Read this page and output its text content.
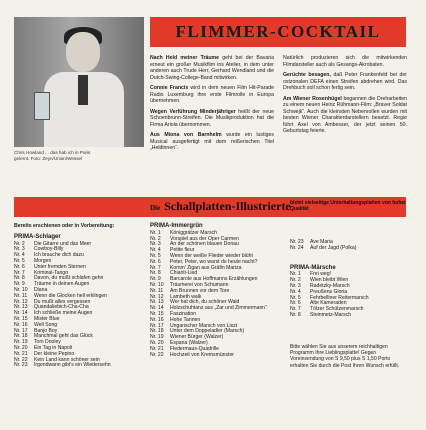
Chris Howland ... das hab ich in Paris
gelernt. Foto: Zeyn/Union/Wessel
FLIMMER-COCKTAIL

Nach Held meiner Träume geht bei der Bavaria erneut ein großer Musikfilm ins Atelier, in dem unter anderen auch Trude Herr, Gerhard Wendland und die Dutch-Swing-College-Band mitwirken.

Connie Francis wird in dem neuen Film Hit-Parade Radio Luxemburg ihre erste Filmrolle in Europa übernehmen.

Wegen Verführung Minderjähriger heißt der neue Schoenbrunn-Streifen. Die Musikproduktion hat die Firma Ariola übernommen.

Aus Miona von Barnhelm wurde ein lustiges Musical ausgefertigt mit dem reißerischen Titel „Heldinnen“.

Natürlich produzieren sich die mitwirkenden Filmdarsteller auch als Gesangs-Akrobaten.

Gerüchte besagen, daß Peter Frankenfeld bei der ostzonalen DEFA einen Streifen abdrehen wird. Das Drehbuch soll schon fertig sein.

Am Wiener Rosenhügel begannen die Dreharbeiten zu einem neuen Heinz Rühmann-Film: „Braver Soldat Schwejk“. Auch die kleinsten Nebenrollen wurden mit besten Wiener Charakterdarstellern besetzt. Regie führt Axel von Ambesser, der jetzt seinen 50. Geburtstag feierte.

Die Schallplatten-Illustrierte bietet vielseitige Unterhaltungsplatten von hoher Qualität
Bereits erschienen oder in Vorbereitung:
PRIMA-Schlager
Nr. 2	Die Gitarre und das Meer
Nr. 3	Cowboy-Billy
Nr. 4	Ich brauche dich dazu
Nr. 5	Morgen
Nr. 6	Unter fremden Sternen
Nr. 7	Kriminal-Tango
Nr. 8	Davon, du mußt schlafen gehn
Nr. 9	Träume in deinen Augen
Nr. 10	Diana
Nr. 11	Wenn die Glocken hell erklingen
Nr. 12	Du mußt alles vergessen
Nr. 13	Quandaliebich-Cha-Cha
Nr. 14	Ich schließe meine Augen
Nr. 15	Mister Blue
Nr. 16	Well Song
Nr. 17	Banjo Boy
Nr. 18	Manchmal geht das Glück
Nr. 19	Tom Dooley
Nr. 20	Ein Tag in Napoli
Nr. 21	Der kleine Pepino
Nr. 22	Kein Land kann schöner sein
Nr. 23	Irgendwann gibt's ein Wiedersehn
PRIMA-Immergrün
Nr. 1	Königgrätzer Marsch
Nr. 2	Vorspiel aus der Oper Carmen
Nr. 3	An der schönen blauen Donau
Nr. 4	Petite fleur
Nr. 5	Wenn der weiße Flieder wieder blüht
Nr. 6	Peter, Peter, wo warst du heute nacht?
Nr. 7	Komm' Zigan aus Gräfin Mariza
Nr. 8	Chianti-Lied
Nr. 9	Barcarole aus Hoffmanns Erzählungen
Nr. 10	Träumerei von Schumann
Nr. 11	Am Brunnen vor dem Tore
Nr. 12	Lambeth walk
Nr. 13	Wer hat dich, du schöner Wald
Nr. 14	Holzschuhtanz aus „Zar und Zimmermann“
Nr. 15	Faszination
Nr. 16	Hohe Tannen
Nr. 17	Ungarischer Marsch von Liszt
Nr. 18	Unter dem Doppeladler (Marsch)
Nr. 19	Wiener Bürger (Walzer)
Nr. 20	Espana (Walzer)
Nr. 21	Fledermaus-Quadrille
Nr. 22	Hochzeit von Kremsmünster
Nr. 23	Ave Maria
Nr. 24	Auf der Jagd (Polka)
PRIMA-Märsche
Nr. 1	Frei weg!
Nr. 2	Wien bleibt Wien
Nr. 3	Radetzky-Marsch
Nr. 4	Preußens Gloria
Nr. 5	Fehrbelliner Reitermarsch
Nr. 6	Alte Kameraden
Nr. 7	Tölzer Schützenmarsch
Nr. 8	Steinmetz-Marsch
Bitte wählen Sie aus unserem reichhaltigen Programm Ihre Lieblingsplatte! Gegen Voreinsendung von S 9,50 plus S 1,50 Porto erhalten Sie durch die Post Ihren Wunsch erfüllt.
